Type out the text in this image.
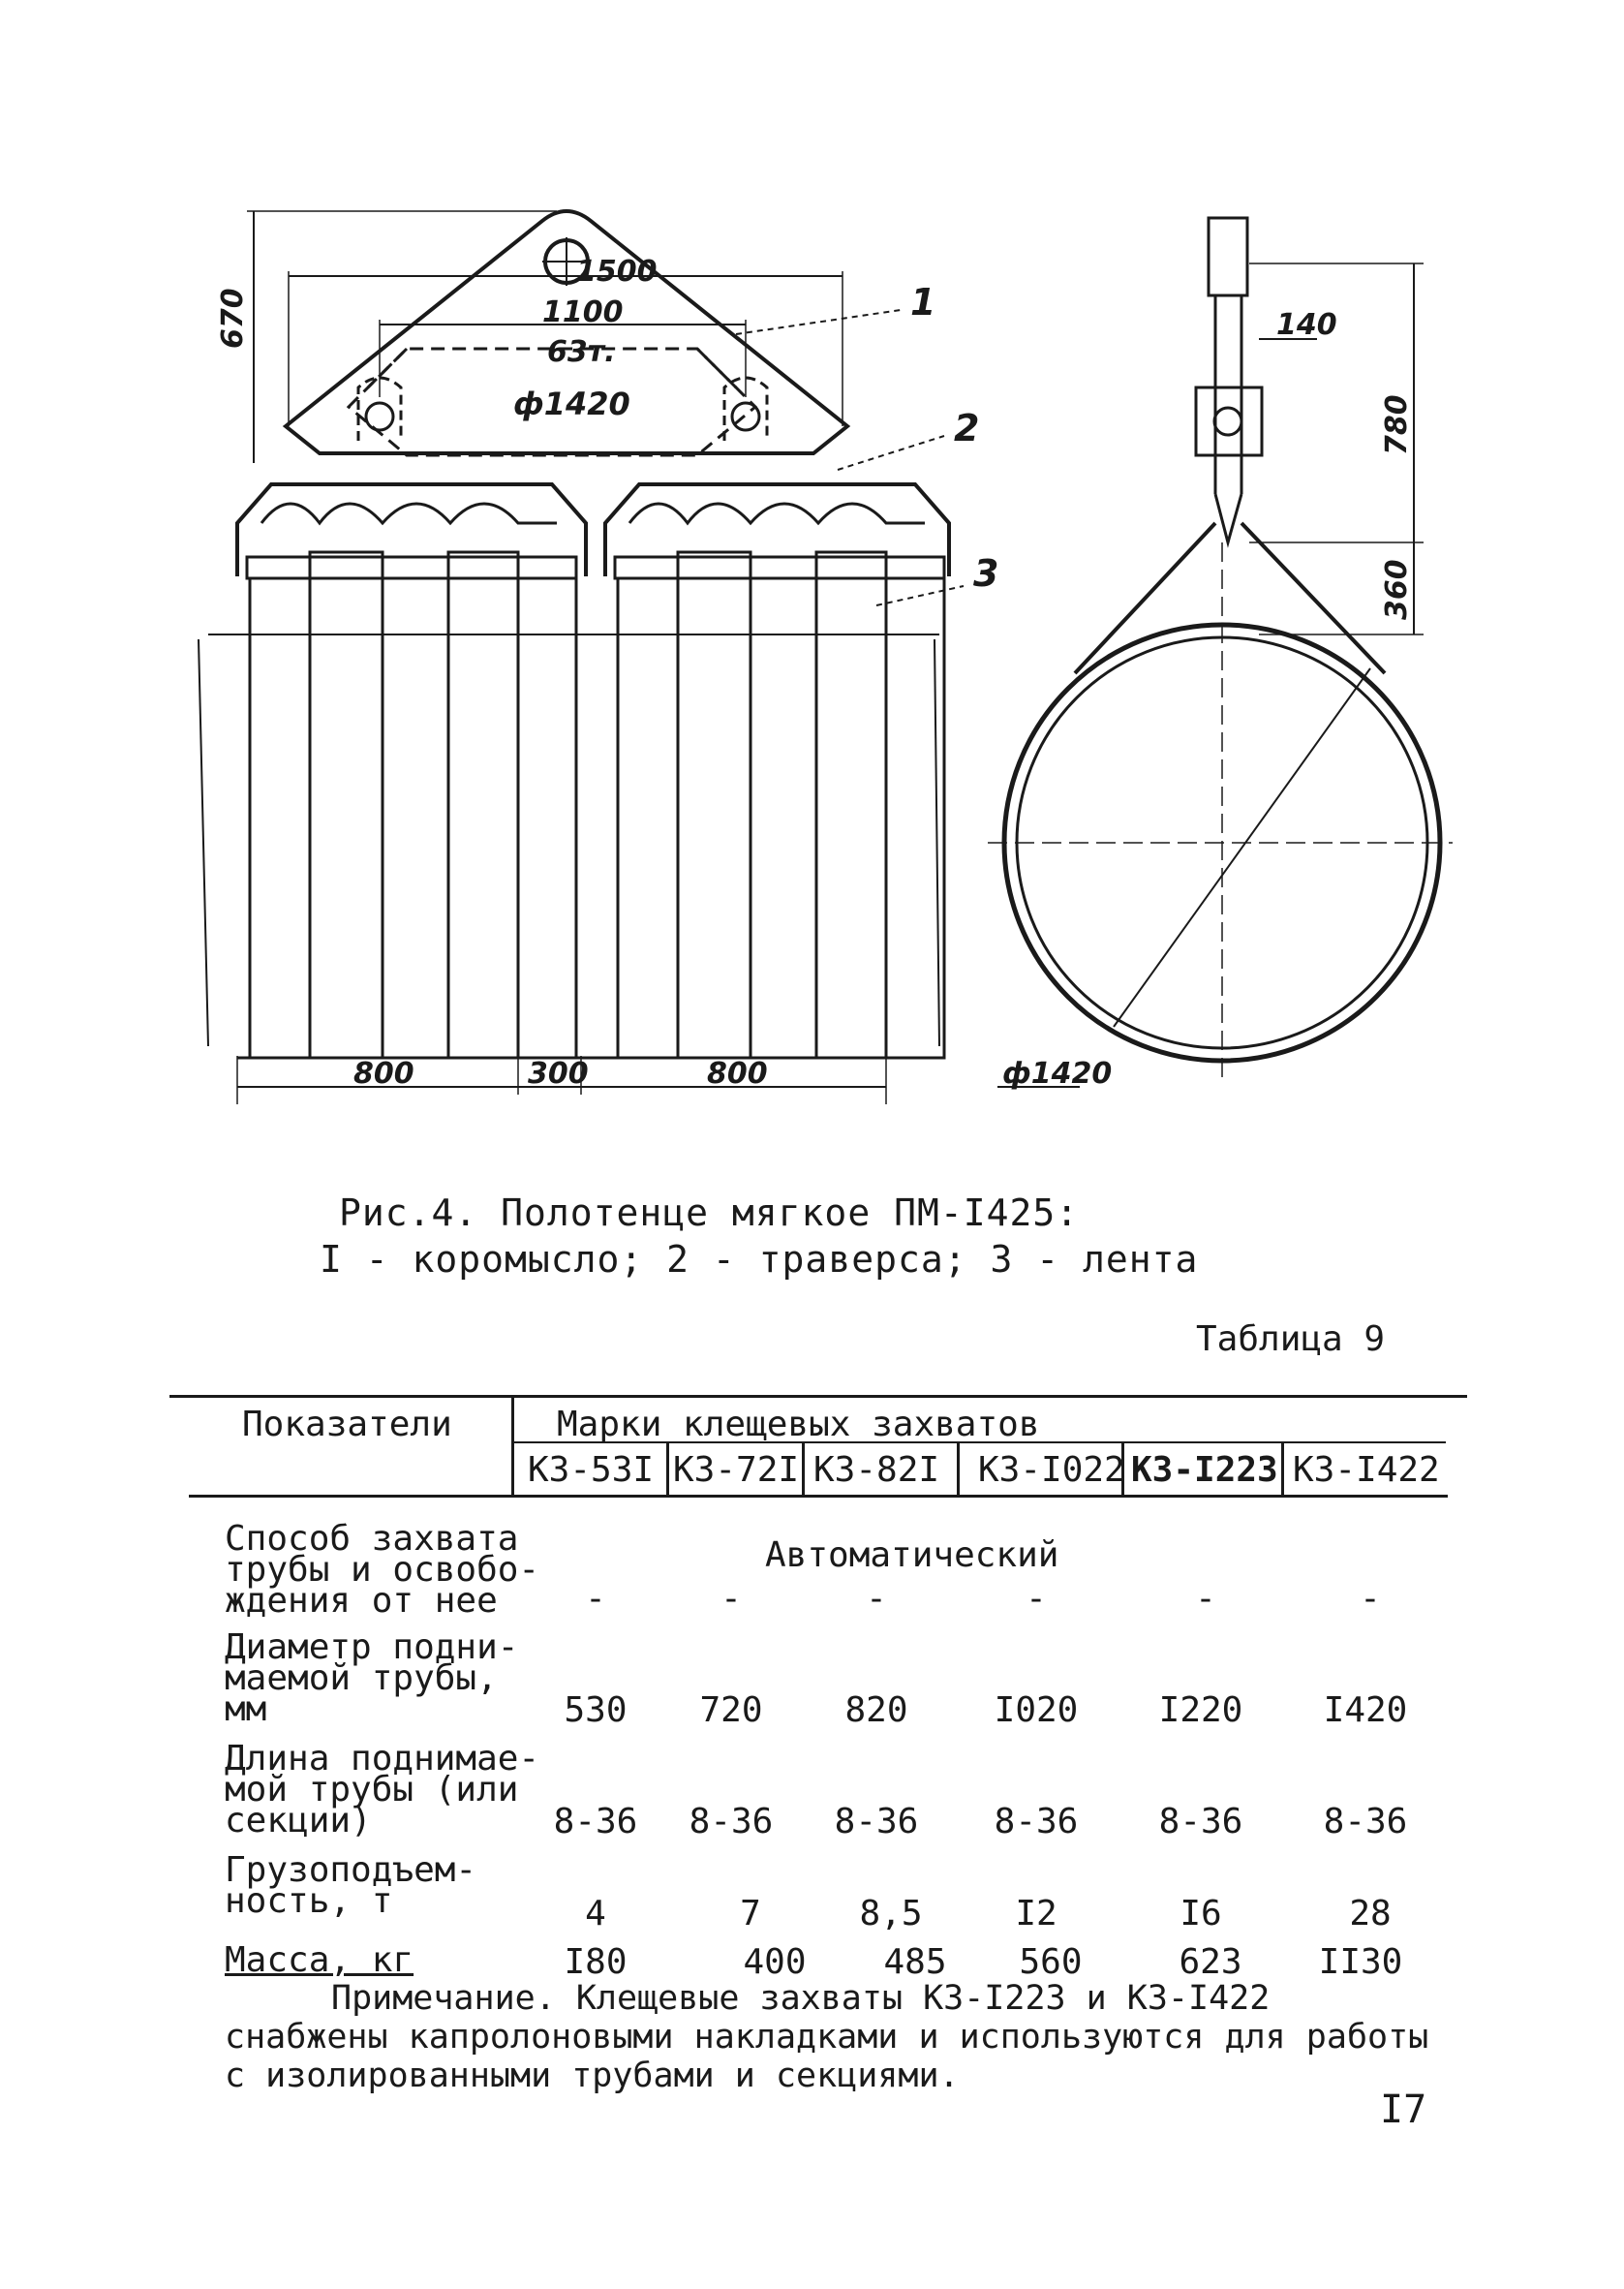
670
1500
1100
63т.
ф1420
800	300	800
140
780
360
ф1420
1
2
3
Рис.4. Полотенце мягкое ПМ-I425:
I - коромысло; 2 - траверса; 3 - лента
Таблица 9
Показатели	Марки клещевых захватов
КЗ-53I КЗ-72I КЗ-82I КЗ-I022 КЗ-I223 КЗ-I422
Способ захвата
трубы и освобо-
ждения от нее
Автоматический
-	-	-	-	-	-
Диаметр подни-
маемой трубы,
мм	530	720	820	I020	I220	I420
Длина поднимае-
мой трубы (или
секции)	8-36	8-36	8-36	8-36	8-36	8-36
Грузоподъем-
ность, т	4	7	8,5	I2	I6	28
Масса, кг	I80	400	485	560	623	II30
Примечание. Клещевые захваты КЗ-I223 и КЗ-I422 снабжены капролоновыми накладками и используются для работы с изолированными трубами и секциями.
I7
